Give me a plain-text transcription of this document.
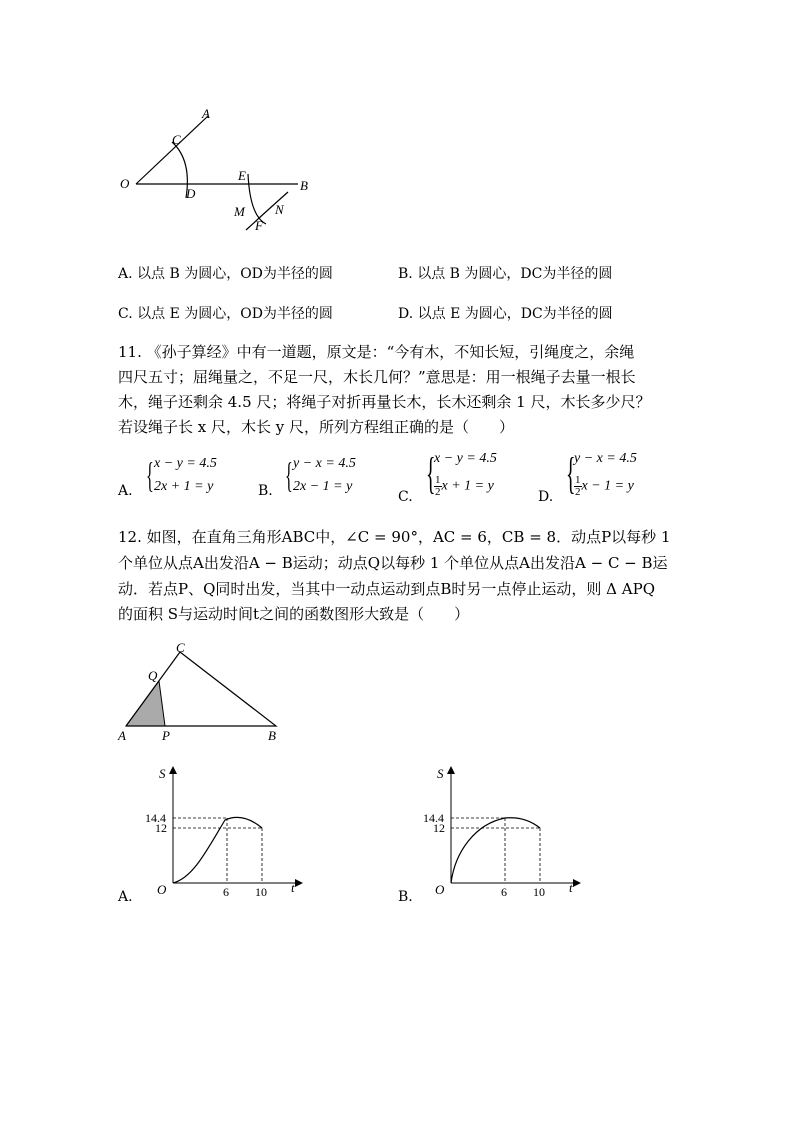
A
C
O
D
E
B
M N
F
A. 以点 B 为圆心，OD为半径的圆	B. 以点 B 为圆心，DC为半径的圆
C. 以点 E 为圆心，OD为半径的圆	D. 以点 E 为圆心，DC为半径的圆
11. 《孙子算经》中有一道题，原文是：“今有木，不知长短，引绳度之，余绳
四尺五寸；屈绳量之，不足一尺，木长几何？”意思是：用一根绳子去量一根长
木，绳子还剩余 4.5 尺；将绳子对折再量长木，长木还剩余 1 尺，木长多少尺？
若设绳子长 x 尺，木长 y 尺，所列方程组正确的是（　　）
A. { x − y = 4.5
2x + 1 = y	B. { y − x = 4.5
2x − 1 = y
C. {
x − y = 4.5
$\frac{1}{2}$ x + 1 = y
D. {
y − x = 4.5
$\frac{1}{2}$ x − 1 = y
12. 如图，在直角三角形ABC中，∠C = 90°，AC = 6，CB = 8．动点P以每秒 1
个单位从点A出发沿A − B运动；动点Q以每秒 1 个单位从点A出发沿A − C − B运
动．若点P、Q同时出发，当其中一动点运动到点B时另一点停止运动，则 Δ APQ
的面积 S与运动时间t之间的函数图形大致是（　　）
C
Q
A	P	B
S
14.4
12
O	6 10 t
A.
S
14.4
12
O	6 10 t
B.
